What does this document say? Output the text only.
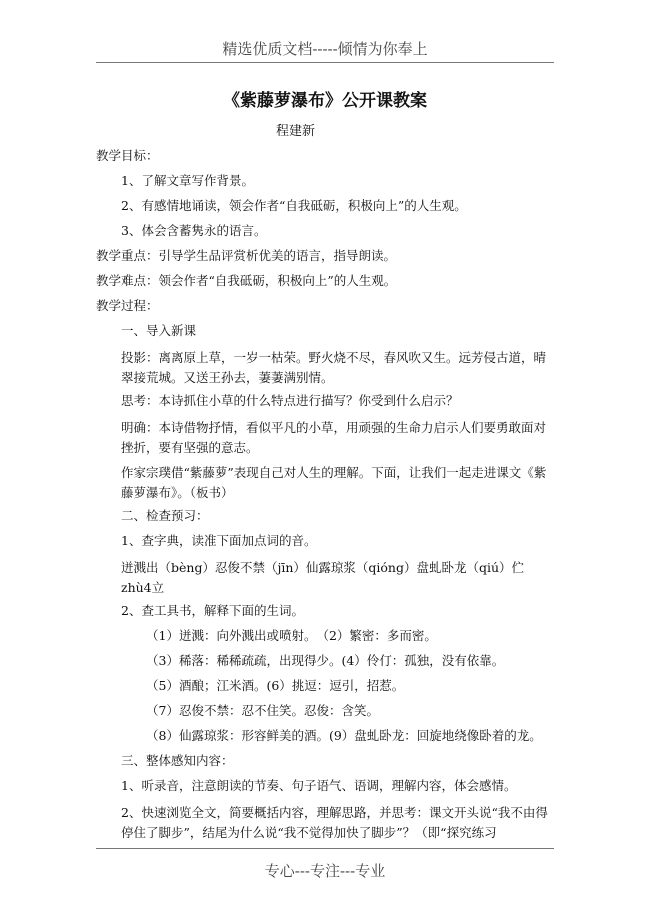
精选优质文档-----倾情为你奉上
《紫藤萝瀑布》公开课教案
程建新

教学目标：

1、了解文章写作背景。

2、有感情地诵读，领会作者“自我砥砺，积极向上”的人生观。

3、体会含蓄隽永的语言。

教学重点：引导学生品评赏析优美的语言，指导朗读。

教学难点：领会作者“自我砥砺，积极向上”的人生观。

教学过程：

一、导入新课

投影：离离原上草，一岁一枯荣。野火烧不尽，春风吹又生。远芳侵古道，晴翠接荒城。又送王孙去，萋萋满别情。

思考：本诗抓住小草的什么特点进行描写？你受到什么启示？

明确：本诗借物抒情，看似平凡的小草，用顽强的生命力启示人们要勇敢面对挫折，要有坚强的意志。

作家宗璞借“紫藤萝”表现自己对人生的理解。下面，让我们一起走进课文《紫藤萝瀑布》。（板书）

二、检查预习：

1、查字典，读准下面加点词的音。

迸溅出（bèng）忍俊不禁（jīn）仙露琼浆（qióng）盘虬卧龙（qiú）伫 zhù4立

2、查工具书，解释下面的生词。

（1）迸溅：向外溅出或喷射。　（2）繁密：多而密。

（3）稀落：稀稀疏疏，出现得少。(4）伶仃：孤独，没有依靠。

（5）酒酿；江米酒。(6）挑逗：逗引，招惹。

（7）忍俊不禁：忍不住笑。忍俊：含笑。

（8）仙露琼浆：形容鲜美的酒。(9）盘虬卧龙：回旋地绕像卧着的龙。

三、整体感知内容：

1、听录音，注意朗读的节奏、句子语气、语调，理解内容，体会感情。

2、快速浏览全文，简要概括内容，理解思路，并思考：课文开头说“我不由得停住了脚步”，结尾为什么说“我不觉得加快了脚步”？（即“探究练习

专心---专注---专业
